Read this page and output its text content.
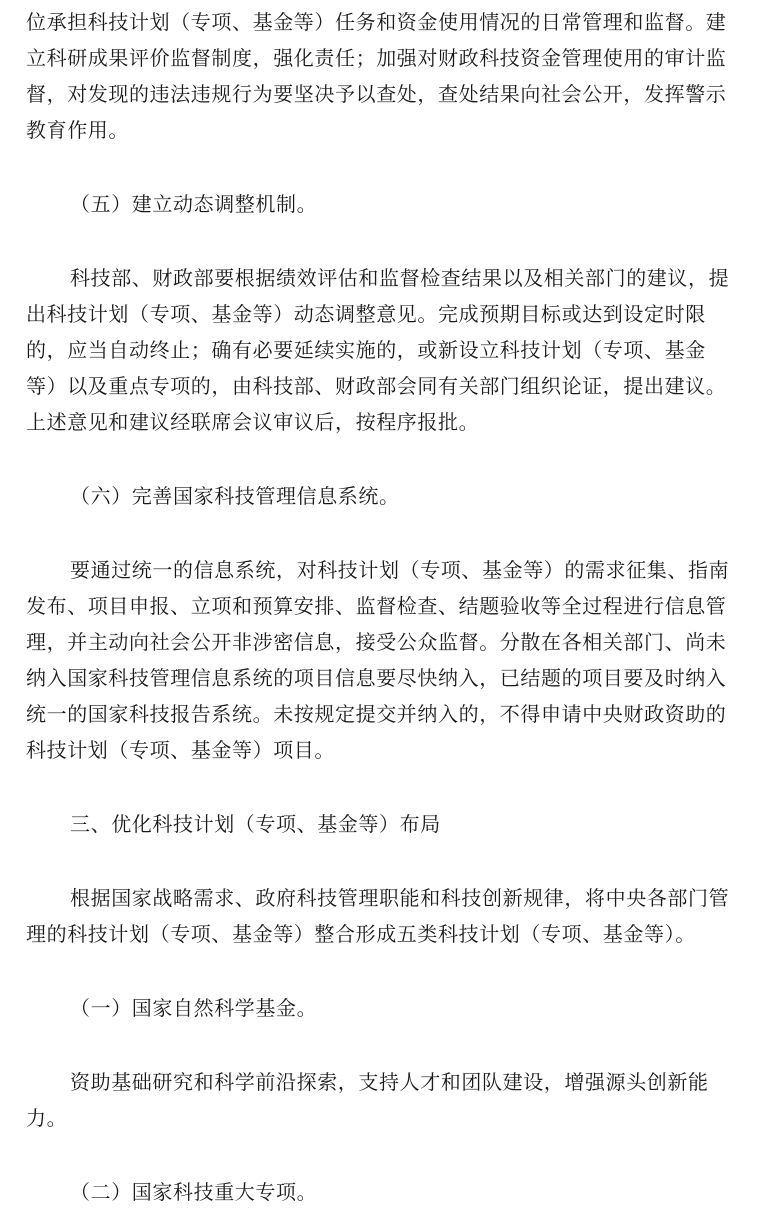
位承担科技计划（专项、基金等）任务和资金使用情况的日常管理和监督。建
立科研成果评价监督制度，强化责任；加强对财政科技资金管理使用的审计监
督，对发现的违法违规行为要坚决予以查处，查处结果向社会公开，发挥警示
教育作用。
（五）建立动态调整机制。
科技部、财政部要根据绩效评估和监督检查结果以及相关部门的建议，提
出科技计划（专项、基金等）动态调整意见。完成预期目标或达到设定时限
的，应当自动终止；确有必要延续实施的，或新设立科技计划（专项、基金
等）以及重点专项的，由科技部、财政部会同有关部门组织论证，提出建议。
上述意见和建议经联席会议审议后，按程序报批。
（六）完善国家科技管理信息系统。
要通过统一的信息系统，对科技计划（专项、基金等）的需求征集、指南
发布、项目申报、立项和预算安排、监督检查、结题验收等全过程进行信息管
理，并主动向社会公开非涉密信息，接受公众监督。分散在各相关部门、尚未
纳入国家科技管理信息系统的项目信息要尽快纳入，已结题的项目要及时纳入
统一的国家科技报告系统。未按规定提交并纳入的，不得申请中央财政资助的
科技计划（专项、基金等）项目。
三、优化科技计划（专项、基金等）布局
根据国家战略需求、政府科技管理职能和科技创新规律，将中央各部门管
理的科技计划（专项、基金等）整合形成五类科技计划（专项、基金等）。
（一）国家自然科学基金。
资助基础研究和科学前沿探索，支持人才和团队建设，增强源头创新能
力。
（二）国家科技重大专项。
